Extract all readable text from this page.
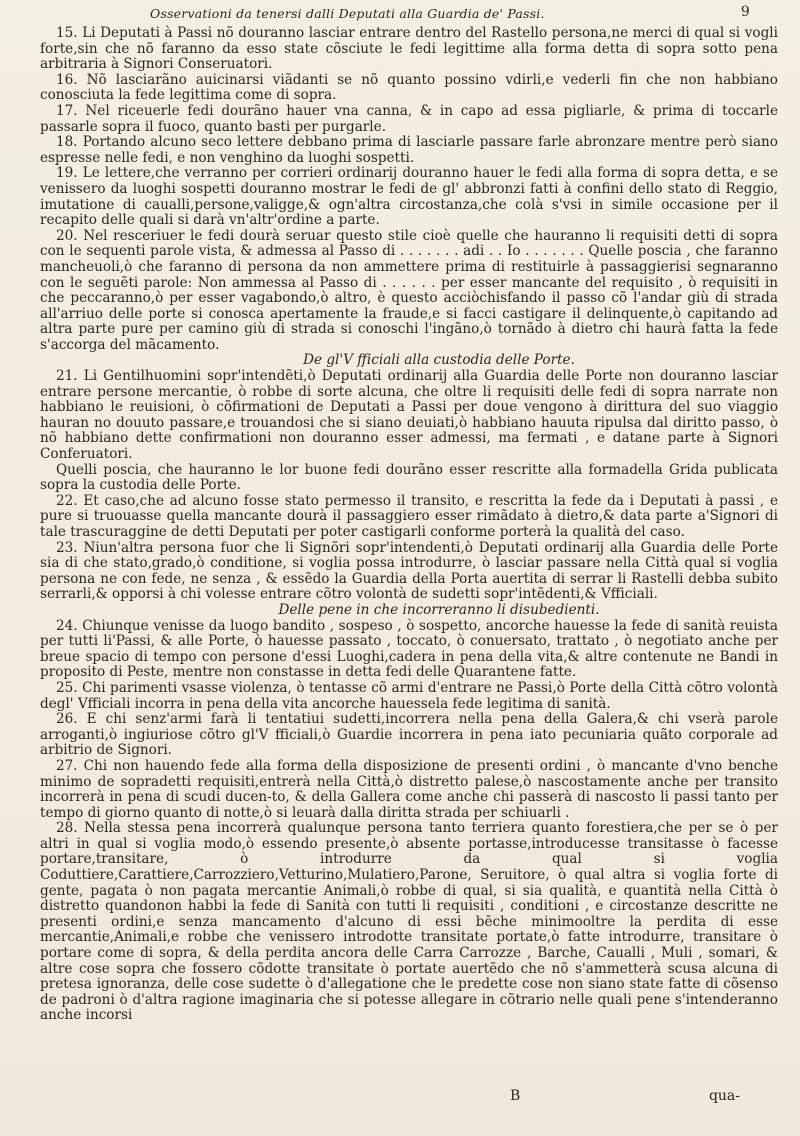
Osservationi da tenersi dalli Deputati alla Guardia de' Passi.	9

15. Li Deputati à Passi nõ douranno lasciar entrare dentro del Rastello persona,ne merci di qual si vogli forte,sin che nõ faranno da esso state cõsciute le fedi legittime alla forma detta di sopra sotto pena arbitraria à Signori Conseruatori.

16. Nõ lasciarãno auicinarsi viãdanti se nõ quanto possino vdirli,e vederli fin che non habbiano conosciuta la fede legittima come di sopra.

17. Nel riceuerle fedi dourãno hauer vna canna, & in capo ad essa pigliarle, & prima di toccarle passarle sopra il fuoco, quanto basti per purgarle.

18. Portando alcuno seco lettere debbano prima di lasciarle passare farle abronzare mentre però siano espresse nelle fedi, e non venghino da luoghi sospetti.

19. Le lettere,che verranno per corrieri ordinarij douranno hauer le fedi alla forma di sopra detta, e se venissero da luoghi sospetti douranno mostrar le fedi de gl' abbronzi fatti à confini dello stato di Reggio, imutatione di caualli,persone,valigge,& ogn'altra circostanza,che colà s'vsi in simile occasione per il recapito delle quali si darà vn'altr'ordine a parte.

20. Nel resceriuer le fedi dourà seruar questo stile cioè quelle che hauranno li requisiti detti di sopra con le sequenti parole vista, & admessa al Passo di . . . . . . . adi . . Io . . . . . . . Quelle poscia , che faranno mancheuoli,ò che faranno di persona da non ammettere prima di restituirle à passaggierisi segnaranno con le seguẽti parole: Non ammessa al Passo di . . . . . . per esser mancante del requisito , ò requisiti in che peccaranno,ò per esser vagabondo,ò altro, è questo acciòchisfando il passo cõ l'andar giù di strada all'arriuo delle porte si conosca apertamente la fraude,e si facci castigare il delinquente,ò capitando ad altra parte pure per camino giù di strada si conoschi l'ingãno,ò tornãdo à dietro chi haurà fatta la fede s'accorga del mãcamento.

De gl'V fficiali alla custodia delle Porte.

21. Li Gentilhuomini sopr'intendẽti,ò Deputati ordinarij alla Guardia delle Porte non douranno lasciar entrare persone mercantie, ò robbe di sorte alcuna, che oltre li requisiti delle fedi di sopra narrate non habbiano le reuisioni, ò cõfirmationi de Deputati a Passi per doue vengono à dirittura del suo viaggio hauran no douuto passare,e trouandosi che si siano deuiati,ò habbiano hauuta ripulsa dal diritto passo, ò nõ habbiano dette confirmationi non douranno esser admessi, ma fermati , e datane parte à Signori Conferuatori.

Quelli poscia, che hauranno le lor buone fedi dourãno esser rescritte alla formadella Grida publicata sopra la custodia delle Porte.

22. Et caso,che ad alcuno fosse stato permesso il transito, e rescritta la fede da i Deputati à passi , e pure si truouasse quella mancante dourà il passaggiero esser rimãdato à dietro,& data parte a'Signori di tale trascuraggine de detti Deputati per poter castigarli conforme porterà la qualità del caso.

23. Niun'altra persona fuor che li Signõri sopr'intendenti,ò Deputati ordinarij alla Guardia delle Porte sia di che stato,grado,ò conditione, si voglia possa introdurre, ò lasciar passare nella Città qual si voglia persona ne con fede, ne senza , & essẽdo la Guardia della Porta auertita di serrar li Rastelli debba subito serrarli,& opporsi à chi volesse entrare cõtro volontà de sudetti sopr'intẽdenti,& Vfficiali.

Delle pene in che incorreranno li disubedienti.

24. Chiunque venisse da luogo bandito , sospeso , ò sospetto, ancorche hauesse la fede di sanità reuista per tutti li'Passi, & alle Porte, ò hauesse passato , toccato, ò conuersato, trattato , ò negotiato anche per breue spacio di tempo con persone d'essi Luoghi,cadera in pena della vita,& altre contenute ne Bandi in proposito di Peste, mentre non constasse in detta fedi delle Quarantene fatte.

25. Chi parimenti vsasse violenza, ò tentasse cõ armi d'entrare ne Passi,ò Porte della Città cõtro volontà degl' Vfficiali incorra in pena della vita ancorche hauessela fede legitima di sanità.

26. E chi senz'armi farà li tentatiui sudetti,incorrera nella pena della Galera,& chi vserà parole arroganti,ò ingiuriose cõtro gl'V fficiali,ò Guardie incorrera in pena iato pecuniaria quãto corporale ad arbitrio de Signori.

27. Chi non hauendo fede alla forma della disposizione de presenti ordini , ò mancante d'vno benche minimo de sopradetti requisiti,entrerà nella Città,ò distretto palese,ò nascostamente anche per transito incorrerà in pena di scudi ducen-to, & della Gallera come anche chi passerà di nascosto li passi tanto per tempo di giorno quanto di notte,ò si leuarà dalla diritta strada per schiuarli .

28. Nella stessa pena incorrerà qualunque persona tanto terriera quanto forestiera,che per se ò per altri in qual si voglia modo,ò essendo presente,ò absente portasse,introducesse transitasse ò facesse portare,transitare, ò introdurre da qual si voglia Coduttiere,Carattiere,Carrozziero,Vetturino,Mulatiero,Parone, Seruitore, ò qual altra si voglia forte di gente, pagata ò non pagata mercantie Animali,ò robbe di qual, si sia qualità, e quantità nella Città ò distretto quandonon habbi la fede di Sanità con tutti li requisiti , conditioni , e circostanze descritte ne presenti ordini,e senza mancamento d'alcuno di essi bēche minimooltre la perdita di esse mercantie,Animali,e robbe che venissero introdotte transitate portate,ò fatte introdurre, transitare ò portare come di sopra, & della perdita ancora delle Carra Carrozze , Barche, Caualli , Muli , somari, & altre cose sopra che fossero cõdotte transitate ò portate auertẽdo che nõ s'ammetterà scusa alcuna di pretesa ignoranza, delle cose sudette ò d'allegatione che le predette cose non siano state fatte di cõsenso de padroni ò d'altra ragione imaginaria che si potesse allegare in cõtrario nelle quali pene s'intenderanno anche incorsi

B	qua-
